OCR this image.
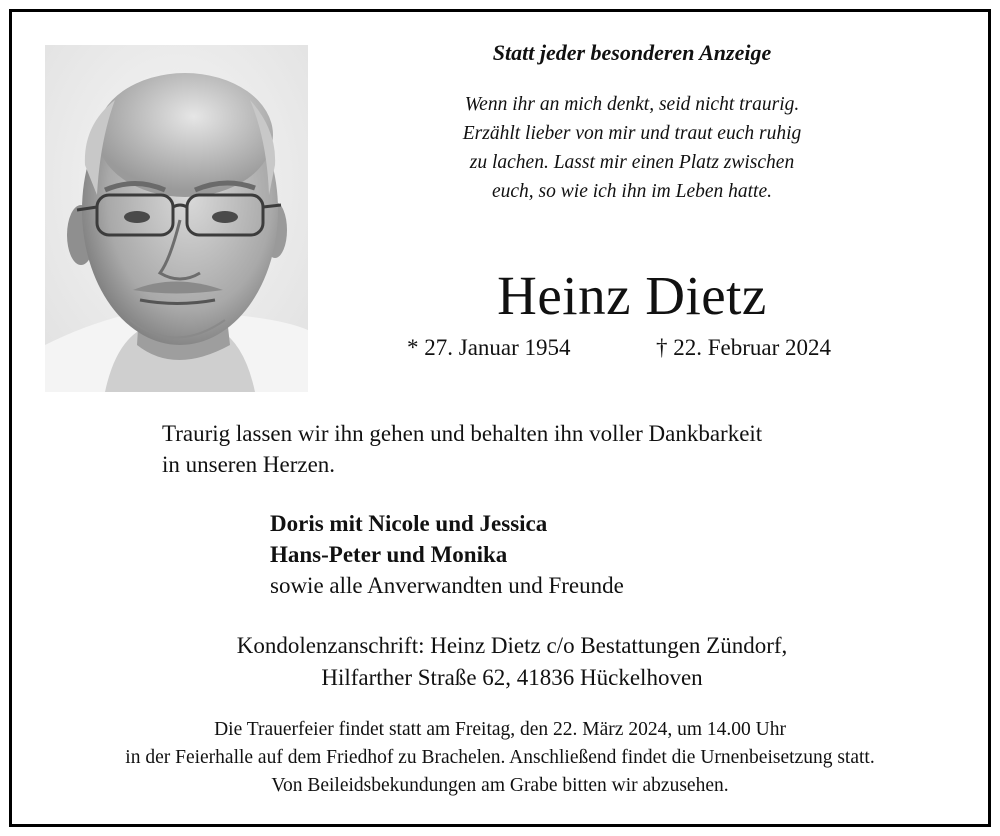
Statt jeder besonderen Anzeige
Wenn ihr an mich denkt, seid nicht traurig.
Erzählt lieber von mir und traut euch ruhig
zu lachen. Lasst mir einen Platz zwischen
euch, so wie ich ihn im Leben hatte.
Heinz Dietz
* 27. Januar 1954	† 22. Februar 2024
Traurig lassen wir ihn gehen und behalten ihn voller Dankbarkeit
in unseren Herzen.
Doris mit Nicole und Jessica
Hans-Peter und Monika
sowie alle Anverwandten und Freunde
Kondolenzanschrift: Heinz Dietz c/o Bestattungen Zündorf,
Hilfarther Straße 62, 41836 Hückelhoven
Die Trauerfeier findet statt am Freitag, den 22. März 2024, um 14.00 Uhr
in der Feierhalle auf dem Friedhof zu Brachelen. Anschließend findet die Urnenbeisetzung statt.
Von Beileidsbekundungen am Grabe bitten wir abzusehen.
